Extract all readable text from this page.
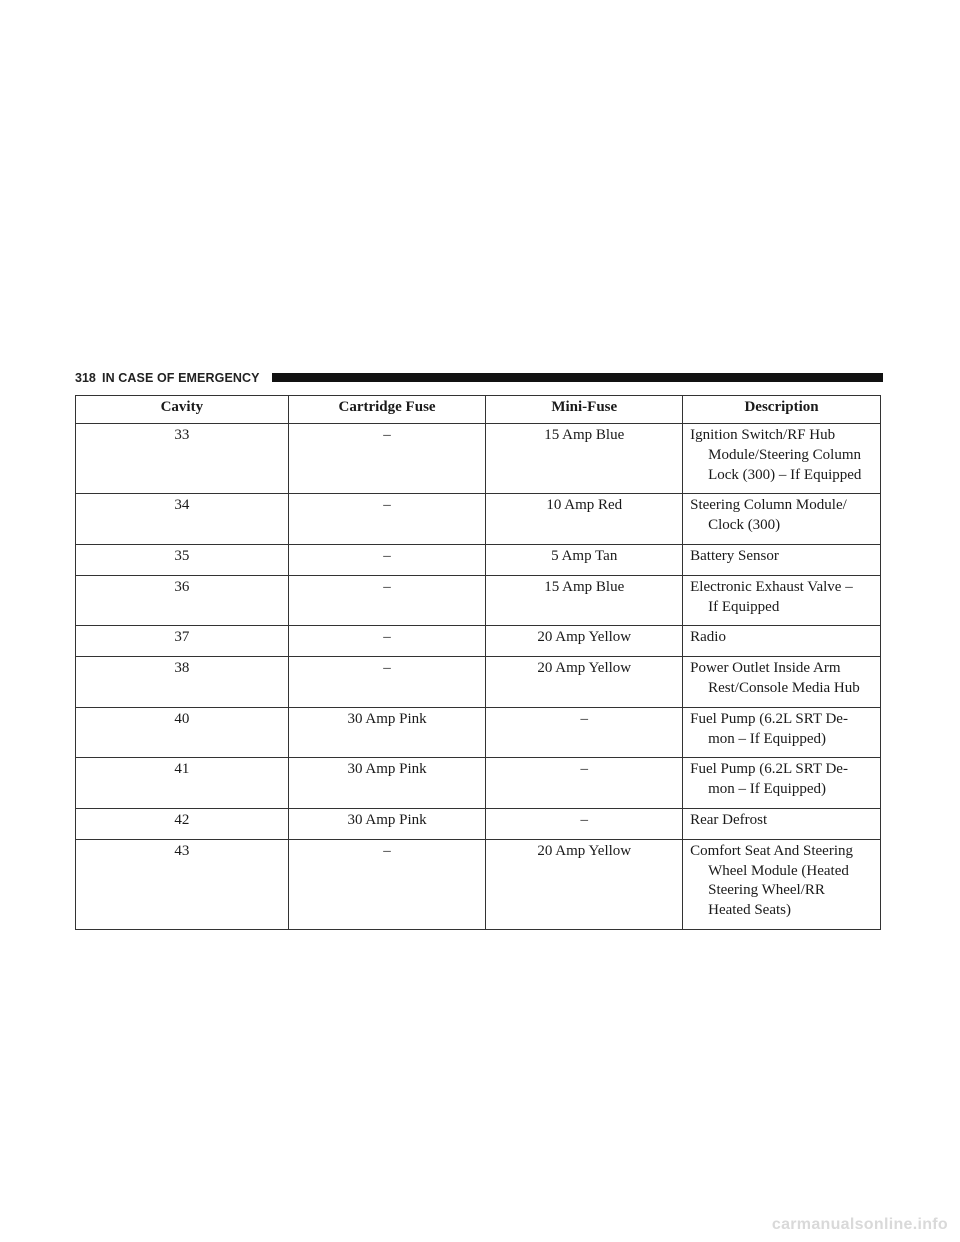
318 IN CASE OF EMERGENCY
Cavity	Cartridge Fuse	Mini-Fuse	Description
33	–	15 Amp Blue	Ignition Switch/RF Hub
Module/Steering Column
Lock (300) – If Equipped

34	–	10 Amp Red	Steering Column Module/
Clock (300)

35	–	5 Amp Tan	Battery Sensor

36	–	15 Amp Blue	Electronic Exhaust Valve –
If Equipped

37	–	20 Amp Yellow	Radio

38	–	20 Amp Yellow	Power Outlet Inside Arm
Rest/Console Media Hub

40	30 Amp Pink	–	Fuel Pump (6.2L SRT De-
mon – If Equipped)

41	30 Amp Pink	–	Fuel Pump (6.2L SRT De-
mon – If Equipped)

42	30 Amp Pink	–	Rear Defrost

43	–	20 Amp Yellow	Comfort Seat And Steering
Wheel Module (Heated
Steering Wheel/RR
Heated Seats)
carmanualsonline.info
